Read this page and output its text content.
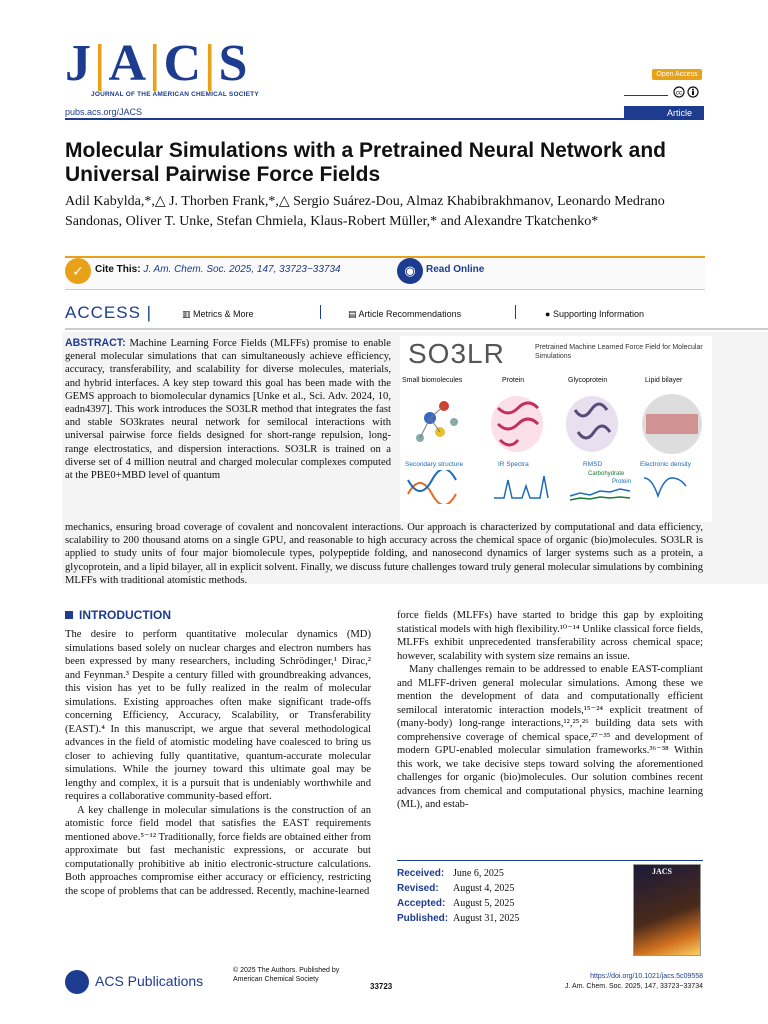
J|A|C|S
JOURNAL OF THE AMERICAN CHEMICAL SOCIETY
pubs.acs.org/JACS
Open Access
cc
Article
Molecular Simulations with a Pretrained Neural Network and Universal Pairwise Force Fields
Adil Kabylda,*,△ J. Thorben Frank,*,△ Sergio Suárez-Dou, Almaz Khabibrakhmanov, Leonardo Medrano Sandonas, Oliver T. Unke, Stefan Chmiela, Klaus-Robert Müller,* and Alexandre Tkatchenko*
✓	Cite This: J. Am. Chem. Soc. 2025, 147, 33723−33734	◉	Read Online
ACCESS |	▥ Metrics & More	▤ Article Recommendations	● Supporting Information
ABSTRACT: Machine Learning Force Fields (MLFFs) promise to enable general molecular simulations that can simultaneously achieve efficiency, accuracy, transferability, and scalability for diverse molecules, materials, and hybrid interfaces. A key step toward this goal has been made with the GEMS approach to biomolecular dynamics [Unke et al., Sci. Adv. 2024, 10, eadn4397]. This work introduces the SO3LR method that integrates the fast and stable SO3krates neural network for semilocal interactions with universal pairwise force fields designed for short-range repulsion, long-range electrostatics, and dispersion interactions. SO3LR is trained on a diverse set of 4 million neutral and charged molecular complexes computed at the PBE0+MBD level of quantum
mechanics, ensuring broad coverage of covalent and noncovalent interactions. Our approach is characterized by computational and data efficiency, scalability to 200 thousand atoms on a single GPU, and reasonable to high accuracy across the chemical space of organic (bio)molecules. SO3LR is applied to study units of four major biomolecule types, polypeptide folding, and nanosecond dynamics of larger systems such as a protein, a glycoprotein, and a lipid bilayer, all in explicit solvent. Finally, we discuss future challenges toward truly general molecular simulations by combining MLFFs with traditional atomistic methods.
SO3LR	Pretrained Machine Learned Force Field for Molecular Simulations
Small biomolecules	Protein	Glycoprotein	Lipid bilayer
Secondary structure	IR Spectra	RMSD	Electronic density
Carbohydrate
Protein
INTRODUCTION

The desire to perform quantitative molecular dynamics (MD) simulations based solely on nuclear charges and electron numbers has been expressed by many researchers, including Schrödinger,¹ Dirac,² and Feynman.³ Despite a century filled with groundbreaking advances, this vision has yet to be fully realized in the realm of molecular simulations. Existing approaches often make significant trade-offs concerning Efficiency, Accuracy, Scalability, or Transferability (EAST).⁴ In this manuscript, we argue that several methodological advances in the field of atomistic modeling have coalesced to bring us closer to achieving fully quantitative, quantum-accurate molecular simulations. While the journey toward this ultimate goal may be lengthy and complex, it is a pursuit that is undeniably worthwhile and requires a collaborative community-based effort.

A key challenge in molecular simulations is the construction of an atomistic force field model that satisfies the EAST requirements mentioned above.⁵⁻¹² Traditionally, force fields are obtained either from approximate but fast mechanistic expressions, or accurate but computationally prohibitive ab initio electronic-structure calculations. Both approaches compromise either accuracy or efficiency, restricting the scope of problems that can be addressed. Recently, machine-learned

force fields (MLFFs) have started to bridge this gap by exploiting statistical models with high flexibility.¹⁰⁻¹⁴ Unlike classical force fields, MLFFs exhibit unprecedented transferability across chemical space; however, scalability with system size remains an issue.

Many challenges remain to be addressed to enable EAST-compliant and MLFF-driven general molecular simulations. Among these we mention the development of data and computationally efficient semilocal interatomic interaction models,¹⁵⁻²⁴ explicit treatment of (many-body) long-range interactions,¹²,²⁵,²⁶ building data sets with comprehensive coverage of chemical space,²⁷⁻³⁵ and development of modern GPU-enabled molecular simulation frameworks.³⁶⁻³⁸ Within this work, we take decisive steps toward solving the aforementioned challenges for organic (bio)molecules. Our solution combines recent advances from chemical and computational physics, machine learning (ML), and estab-

Received: June 6, 2025
Revised: August 4, 2025
Accepted: August 5, 2025
Published: August 31, 2025
JACS
ACS Publications
© 2025 The Authors. Published by
American Chemical Society
33723
https://doi.org/10.1021/jacs.5c09558
J. Am. Chem. Soc. 2025, 147, 33723−33734
